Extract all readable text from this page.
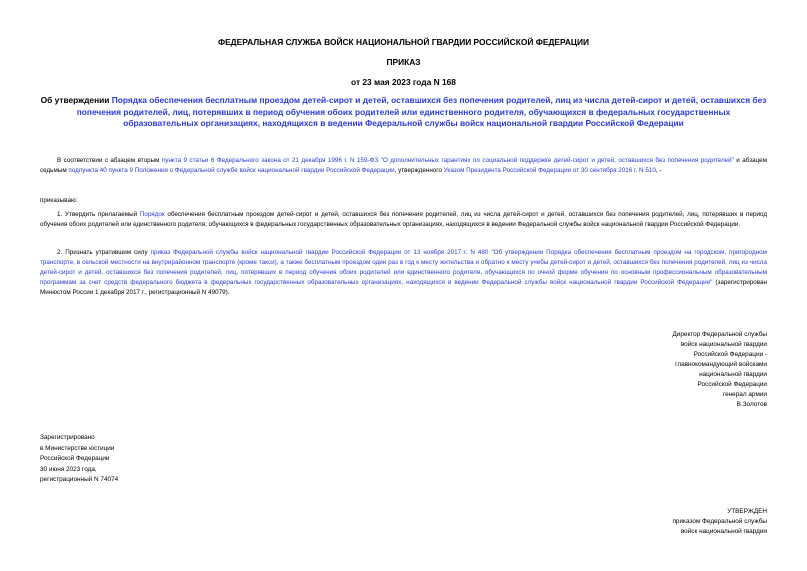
ФЕДЕРАЛЬНАЯ СЛУЖБА ВОЙСК НАЦИОНАЛЬНОЙ ГВАРДИИ РОССИЙСКОЙ ФЕДЕРАЦИИ
ПРИКАЗ
от 23 мая 2023 года N 168
Об утверждении Порядка обеспечения бесплатным проездом детей-сирот и детей, оставшихся без попечения родителей, лиц из числа детей-сирот и детей, оставшихся без попечения родителей, лиц, потерявших в период обучения обоих родителей или единственного родителя, обучающихся в федеральных государственных образовательных организациях, находящихся в ведении Федеральной службы войск национальной гвардии Российской Федерации
В соответствии с абзацем вторым пункта 9 статьи 6 Федерального закона от 21 декабря 1996 г. N 159-ФЗ "О дополнительных гарантиях по социальной поддержке детей-сирот и детей, оставшихся без попечения родителей" и абзацем седьмым подпункта 40 пункта 9 Положения о Федеральной службе войск национальной гвардии Российской Федерации, утвержденного Указом Президента Российской Федерации от 30 сентября 2016 г. N 510, -
приказываю:
1. Утвердить прилагаемый Порядок обеспечения бесплатным проездом детей-сирот и детей, оставшихся без попечения родителей, лиц из числа детей-сирот и детей, оставшихся без попечения родителей, лиц, потерявших в период обучения обоих родителей или единственного родителя, обучающихся в федеральных государственных образовательных организациях, находящихся в ведении Федеральной службы войск национальной гвардии Российской Федерации.
2. Признать утратившим силу приказ Федеральной службы войск национальной гвардии Российской Федерации от 13 ноября 2017 г. N 480 "Об утверждении Порядка обеспечения бесплатным проездом на городском, пригородном транспорте, в сельской местности на внутрирайонном транспорте (кроме такси), а также бесплатным проездом один раз в год к месту жительства и обратно к месту учебы детей-сирот и детей, оставшихся без попечения родителей, лиц из числа детей-сирот и детей, оставшихся без попечения родителей, лиц, потерявших в период обучения обоих родителей или единственного родителя, обучающихся по очной форме обучения по основным профессиональным образовательным программам за счет средств федерального бюджета в федеральных государственных образовательных организациях, находящихся в ведении Федеральной службы войск национальной гвардии Российской Федерации" (зарегистрирован Минюстом России 1 декабря 2017 г., регистрационный N 49079).
Директор Федеральной службы
войск национальной гвардии
Российской Федерации -
главнокомандующий войсками
национальной гвардии
Российской Федерации
генерал армии
В.Золотов
Зарегистрировано
в Министерстве юстиции
Российской Федерации
30 июня 2023 года,
регистрационный N 74074
УТВЕРЖДЕН
приказом Федеральной службы
войск национальной гвардии
